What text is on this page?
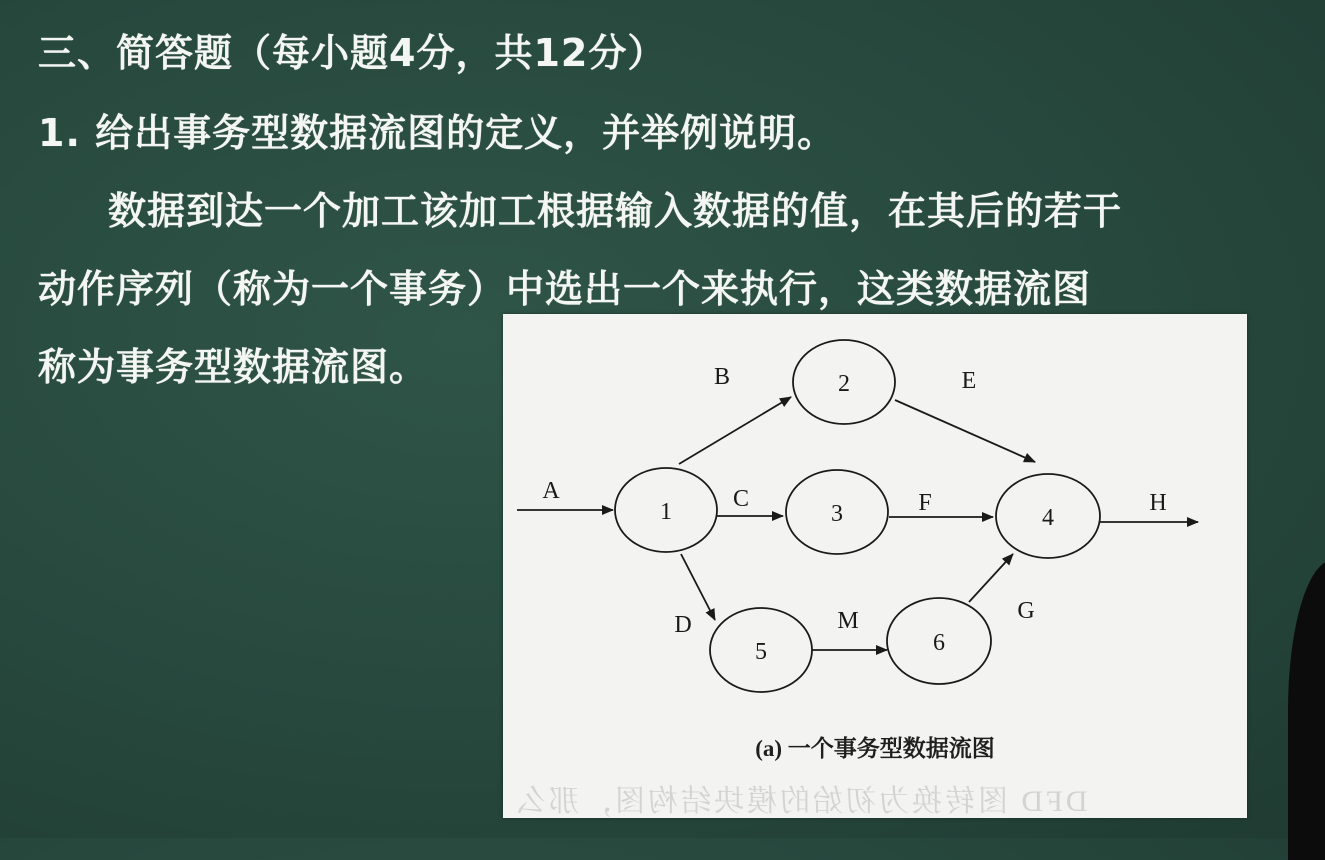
三、简答题（每小题4分，共12分）
1. 给出事务型数据流图的定义，并举例说明。
数据到达一个加工该加工根据输入数据的值，在其后的若干
动作序列（称为一个事务）中选出一个来执行，这类数据流图
称为事务型数据流图。
DFD 图转换为初始的模块结构图，那么
1
2
3	4
5	6
A
B
C
D
E
F
G
H
M
(a) 一个事务型数据流图
